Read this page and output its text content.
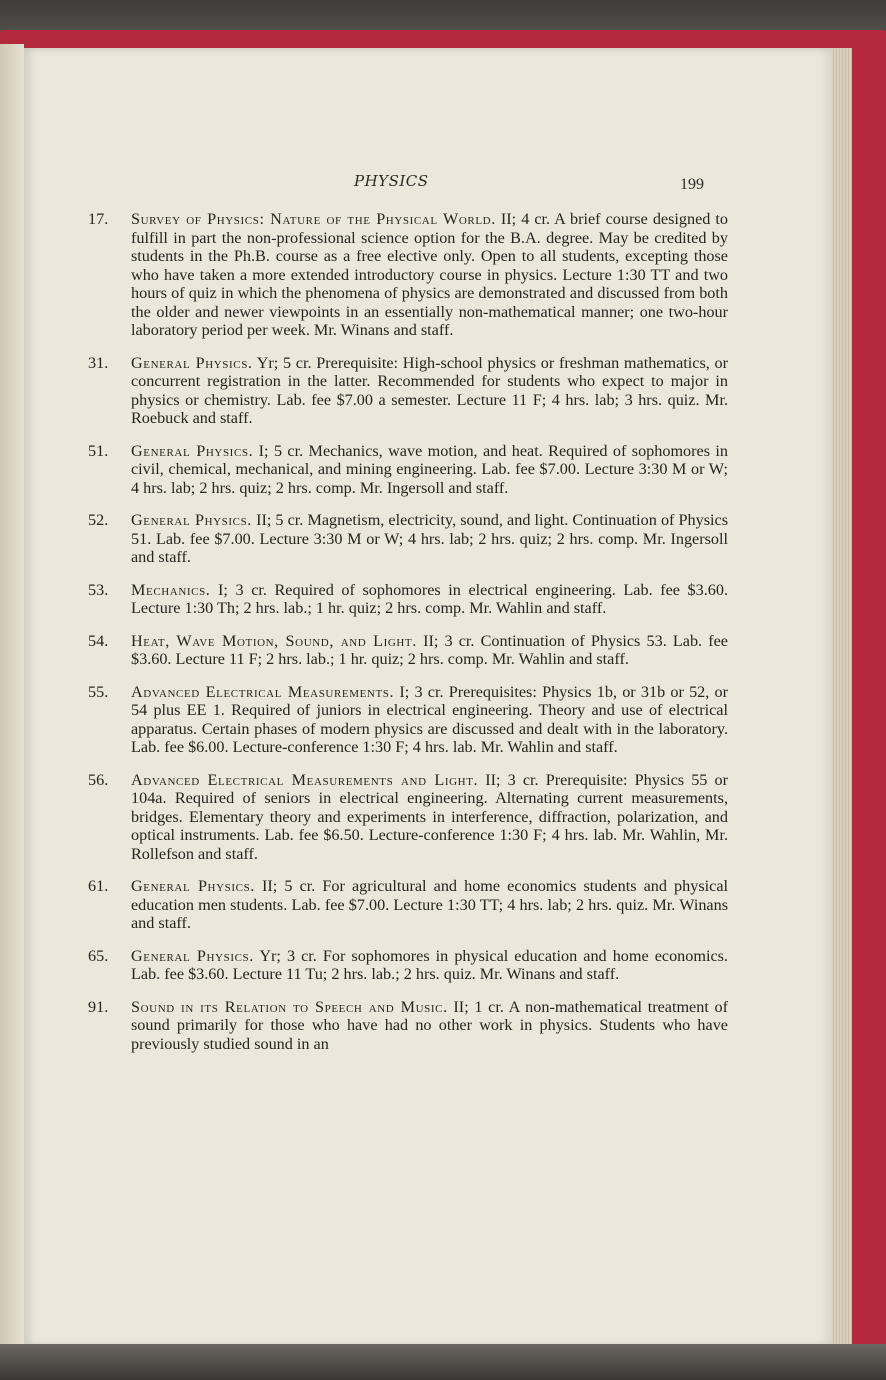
PHYSICS	199
17.	Survey of Physics: Nature of the Physical World. II; 4 cr. A brief course designed to fulfill in part the non-professional science option for the B.A. degree. May be credited by students in the Ph.B. course as a free elective only. Open to all students, excepting those who have taken a more extended introductory course in physics. Lecture 1:30 TT and two hours of quiz in which the phenomena of physics are demonstrated and discussed from both the older and newer viewpoints in an essentially non-mathematical manner; one two-hour laboratory period per week. Mr. Winans and staff.
31.	General Physics. Yr; 5 cr. Prerequisite: High-school physics or freshman mathematics, or concurrent registration in the latter. Recommended for students who expect to major in physics or chemistry. Lab. fee $7.00 a semester. Lecture 11 F; 4 hrs. lab; 3 hrs. quiz. Mr. Roebuck and staff.
51.	General Physics. I; 5 cr. Mechanics, wave motion, and heat. Required of sophomores in civil, chemical, mechanical, and mining engineering. Lab. fee $7.00. Lecture 3:30 M or W; 4 hrs. lab; 2 hrs. quiz; 2 hrs. comp. Mr. Ingersoll and staff.
52.	General Physics. II; 5 cr. Magnetism, electricity, sound, and light. Continuation of Physics 51. Lab. fee $7.00. Lecture 3:30 M or W; 4 hrs. lab; 2 hrs. quiz; 2 hrs. comp. Mr. Ingersoll and staff.
53.	Mechanics. I; 3 cr. Required of sophomores in electrical engineering. Lab. fee $3.60. Lecture 1:30 Th; 2 hrs. lab.; 1 hr. quiz; 2 hrs. comp. Mr. Wahlin and staff.
54.	Heat, Wave Motion, Sound, and Light. II; 3 cr. Continuation of Physics 53. Lab. fee $3.60. Lecture 11 F; 2 hrs. lab.; 1 hr. quiz; 2 hrs. comp. Mr. Wahlin and staff.
55.	Advanced Electrical Measurements. I; 3 cr. Prerequisites: Physics 1b, or 31b or 52, or 54 plus EE 1. Required of juniors in electrical engineering. Theory and use of electrical apparatus. Certain phases of modern physics are discussed and dealt with in the laboratory. Lab. fee $6.00. Lecture-conference 1:30 F; 4 hrs. lab. Mr. Wahlin and staff.
56.	Advanced Electrical Measurements and Light. II; 3 cr. Prerequisite: Physics 55 or 104a. Required of seniors in electrical engineering. Alternating current measurements, bridges. Elementary theory and experiments in interference, diffraction, polarization, and optical instruments. Lab. fee $6.50. Lecture-conference 1:30 F; 4 hrs. lab. Mr. Wahlin, Mr. Rollefson and staff.
61.	General Physics. II; 5 cr. For agricultural and home economics students and physical education men students. Lab. fee $7.00. Lecture 1:30 TT; 4 hrs. lab; 2 hrs. quiz. Mr. Winans and staff.
65.	General Physics. Yr; 3 cr. For sophomores in physical education and home economics. Lab. fee $3.60. Lecture 11 Tu; 2 hrs. lab.; 2 hrs. quiz. Mr. Winans and staff.
91.	Sound in its Relation to Speech and Music. II; 1 cr. A non-mathematical treatment of sound primarily for those who have had no other work in physics. Students who have previously studied sound in an
